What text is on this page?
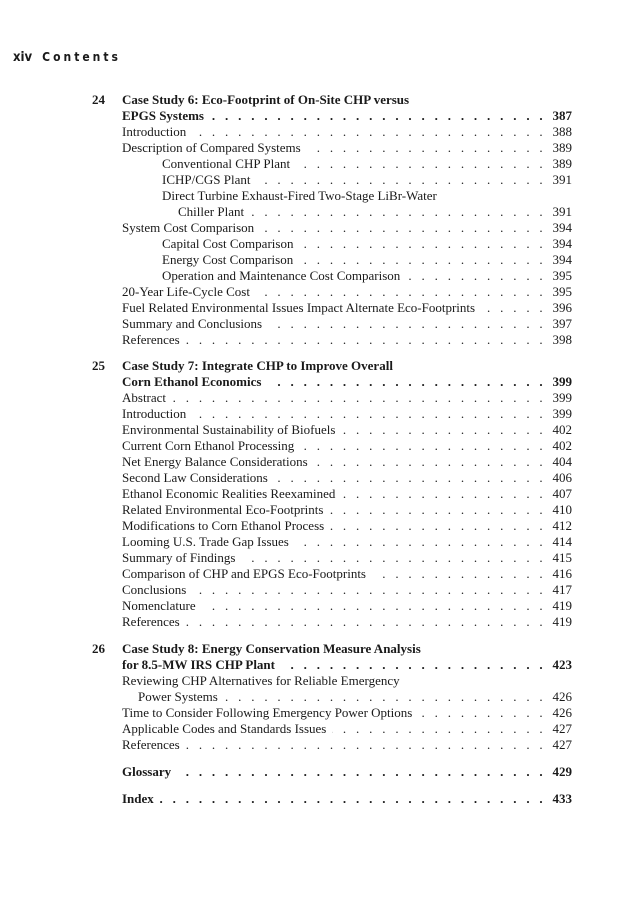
xiv Contents
24	Case Study 6: Eco-Footprint of On-Site CHP versus
. . .
EPGS Systems	387
. . .
Introduction	388
. . .
Description of Compared Systems	389
. . .
Conventional CHP Plant	389
. . .
ICHP/CGS Plant	391
Direct Turbine Exhaust-Fired Two-Stage LiBr-Water
. . .
Chiller Plant	391
. . .
System Cost Comparison	394
. . .
Capital Cost Comparison	394
. . .
Energy Cost Comparison	394
. . .
Operation and Maintenance Cost Comparison	395
. . .
20-Year Life-Cycle Cost	395
. . .
Fuel Related Environmental Issues Impact Alternate Eco-Footprints	396
. . .
Summary and Conclusions	397
. . .
References	398
25	Case Study 7: Integrate CHP to Improve Overall
. . .
Corn Ethanol Economics	399
. . .
Abstract	399
. . .
Introduction	399
. . .
Environmental Sustainability of Biofuels	402
. . .
Current Corn Ethanol Processing	402
. . .
Net Energy Balance Considerations	404
. . .
Second Law Considerations	406
. . .
Ethanol Economic Realities Reexamined	407
. . .
Related Environmental Eco-Footprints	410
. . .
Modifications to Corn Ethanol Process	412
. . .
Looming U.S. Trade Gap Issues	414
. . .
Summary of Findings	415
. . .
Comparison of CHP and EPGS Eco-Footprints	416
. . .
Conclusions	417
. . .
Nomenclature	419
. . .
References	419
26	Case Study 8: Energy Conservation Measure Analysis
. . .
for 8.5-MW IRS CHP Plant	423
Reviewing CHP Alternatives for Reliable Emergency
. . .
Power Systems	426
. . .
Time to Consider Following Emergency Power Options	426
. . .
Applicable Codes and Standards Issues	427
. . .
References	427
. . .
Glossary	429
. . .
Index	433
